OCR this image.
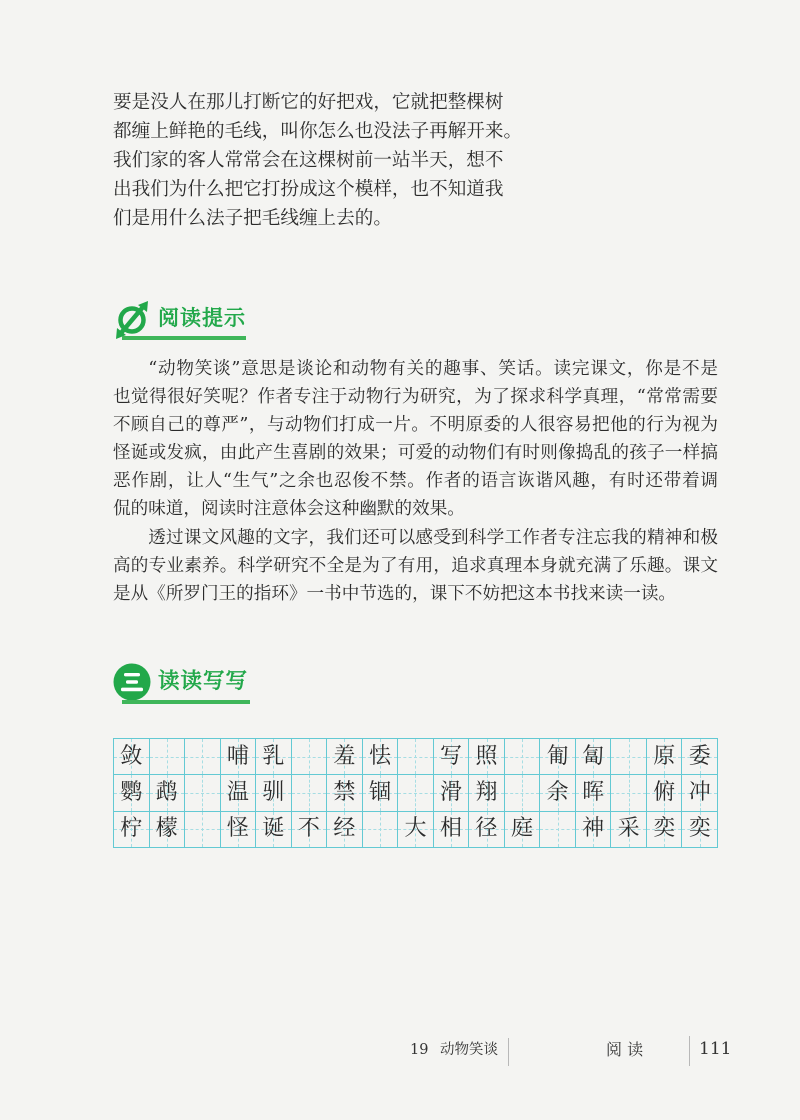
要是没人在那儿打断它的好把戏，它就把整棵树
都缠上鲜艳的毛线，叫你怎么也没法子再解开来。
我们家的客人常常会在这棵树前一站半天，想不
出我们为什么把它打扮成这个模样，也不知道我
们是用什么法子把毛线缠上去的。
阅读提示
“动物笑谈”意思是谈论和动物有关的趣事、笑话。读完课文，你是不是
也觉得很好笑呢？作者专注于动物行为研究，为了探求科学真理，“常常需要
不顾自己的尊严”，与动物们打成一片。不明原委的人很容易把他的行为视为
怪诞或发疯，由此产生喜剧的效果；可爱的动物们有时则像捣乱的孩子一样搞
恶作剧，让人“生气”之余也忍俊不禁。作者的语言诙谐风趣，有时还带着调
侃的味道，阅读时注意体会这种幽默的效果。
透过课文风趣的文字，我们还可以感受到科学工作者专注忘我的精神和极
高的专业素养。科学研究不全是为了有用，追求真理本身就充满了乐趣。课文
是从《所罗门王的指环》一书中节选的，课下不妨把这本书找来读一读。
读读写写
敛	哺 乳	羞 怯	写 照	匍 匐	原 委
鹦 鹉	温 驯	禁 锢	滑 翔	余 晖	俯 冲
柠 檬	怪 诞 不 经	大 相 径 庭	神 采 奕 奕
19 动物笑谈	阅 读	111
